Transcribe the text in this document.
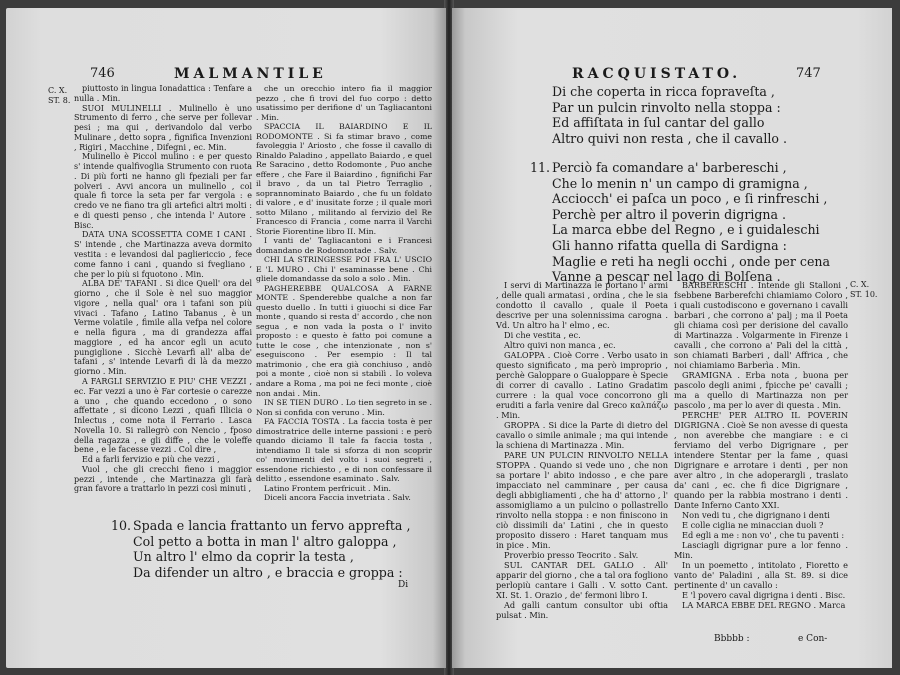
746	MALMANTILE
C. X. ST. 8.

piuttosto in lingua Ionadattica : Tenfare a nulla . Min.

SUOI MULINELLI . Mulinello è uno Strumento di ferro , che serve per follevar pesi ; ma qui , derivandolo dal verbo Mulinare , detto sopra , fignifica Invenzioni , Rigiri , Macchine , Difegni , ec. Min.

Mulinello è Piccol mulino : e per questo s' intende qualfivoglia Strumento con ruota . Di più forti ne hanno gli fpeziali per far polveri . Avvi ancora un mulinello , col quale fi torce la seta per far vergola : e credo ve ne fiano tra gli artefici altri molti : e di questi penso , che intenda l' Autore . Bisc.

DATA UNA SCOSSETTA COME I CANI . S' intende , che Martinazza aveva dormito vestita : e levandosi dal pagliericcio , fece come fanno i cani , quando si fvegliano , che per lo più si fquotono . Min.

ALBA DE' TAFANI . Si dice Quell' ora del giorno , che il Sole è nel suo maggior vigore , nella qual' ora i tafani son più vivaci . Tafano , Latino Tabanus , è un Verme volatile , fimile alla vefpa nel colore e nella figura , ma di grandezza affai maggiore , ed ha ancor egli un acuto pungiglione . Sicchè Levarfi all' alba de' tafani , s' intende Levarfi di là da mezzo giorno . Min.

A FARGLI SERVIZIO E PIU' CHE VEZZI , ec. Far vezzi a uno è Far cortesie o carezze a uno , che quando eccedono , o sono affettate , si dicono Lezzi , quafi Illicia o Inlectus , come nota il Ferrario . Lasca Novella 10. Si rallegrò con Nencio , fposo della ragazza , e gli diffe , che le voleffe bene , e le facesse vezzi . Col dire ,

Ed a farli fervizio e più che vezzi ,

Vuol , che gli crecchi fieno i maggior pezzi , intende , che Martinazza gli farà gran favore a trattarlo in pezzi così minuti ,

che un orecchio intero fia il maggior pezzo , che fi trovi del fuo corpo : detto usatissimo per derifione d' un Tagliacantoni . Min.

SPACCIA IL BAIARDINO E IL RODOMONTE . Si fa stimar bravo , come favoleggia l' Ariosto , che fosse il cavallo di Rinaldo Paladino , appellato Baiardo , e quel Re Saracino , detto Rodomonte , Puo anche effere , che Fare il Baiardino , fignifichi Far il bravo , da un tal Pietro Terraglio , soprannominato Baiardo , che fu un foldato di valore , e d' inusitate forze ; il quale morì sotto Milano , militando al fervizio del Re Francesco di Francia , come narra il Varchi Storie Fiorentine libro II. Min.

I vanti de' Tagliacantoni e i Francesi domandano de Rodomontade . Salv.

CHI LA STRINGESSE POI FRA L' USCIO E 'L MURO . Chi l' esaminasse bene . Chi gliele domandasse da solo a solo . Min.

PAGHEREBBE QUALCOSA A FARNE MONTE . Spenderebbe qualche a non far questo duello . In tutti i giuochi si dice Far monte , quando si resta d' accordo , che non segua , e non vada la posta o l' invito proposto : e questo è fatto poi comune a tutte le cose , che intenzionate , non s' eseguiscono . Per esempio : Il tal matrimonio , che era già conchiuso , andò poi a monte , cioè non si stabilì . Io voleva andare a Roma , ma poi ne feci monte , cioè non andai . Min.

IN SE TIEN DURO . Lo tien segreto in se . Non si confida con veruno . Min.

FA FACCIA TOSTA . La faccia tosta è per dimostratrice delle interne passioni : e però quando diciamo Il tale fa faccia tosta , intendiamo Il tale si sforza di non scoprir co' movimenti del volto i suoi segreti , essendone richiesto , e di non confessare il delitto , essendone esaminato . Salv.

Latino Frontem perfricuit . Min.

Diceli ancora Faccia invetriata . Salv.

10. Spada e lancia frattanto un fervo apprefta ,
Col petto a botta in man l' altro galoppa ,
Un altro l' elmo da coprir la testa ,
Da difender un altro , e braccia e groppa :
Di
RACQUISTATO.	747
Di che coperta in ricca fopraveſta ,
Par un pulcin rinvolto nella stoppa :
Ed affiſtata in ſul cantar del gallo
Altro quivi non resta , che il cavallo .
11. Perciò fa comandare a' barbereschi ,
Che lo menin n' un campo di gramigna ,
Acciocch' ei paſca un poco , e ſi rinfreschi ,
Perchè per altro il poverin digrigna .
La marca ebbe del Regno , e i guidaleschi
Gli hanno rifatta quella di Sardigna :
Maglie e reti ha negli occhi , onde per cena
Vanne a pescar nel lago di Bolſena .

I servi di Martinazza le portano l' armi , delle quali armatasi , ordina , che le sia condotto il cavallo , quale il Poeta descrive per una solennissima carogna . Vd. Un altro ha l' elmo , ec.

Di che vestita , ec.

Altro quivi non manca , ec.

GALOPPA . Cioè Corre . Verbo usato in questo significato , ma però improprio , perchè Galoppare o Gualoppare è Specie di correr di cavallo . Latino Gradatim currere : la qual voce concorrono gli eruditi a farla venire dal Greco καλπάζω . Min.

GROPPA . Si dice la Parte di dietro del cavallo o simile animale ; ma qui intende la schiena di Martinazza . Min.

PARE UN PULCIN RINVOLTO NELLA STOPPA . Quando si vede uno , che non sa portare l' abito indosso , e che pare impacciato nel camminare , per causa degli abbigliamenti , che ha d' attorno , l' assomigliamo a un pulcino o pollastrello rinvolto nella stoppa : e non finiscono in ciò dissimili da' Latini , che in questo proposito dissero : Haret tanquam mus in pice . Min.

Proverbio presso Teocrito . Salv.

SUL CANTAR DEL GALLO . All' apparir del giorno , che a tal ora fogliono perlopiù cantare i Galli . V. sotto Cant. XI. St. 1. Orazio , de' fermoni libro I.

Ad galli cantum consultor ubi oftia pulsat . Min.

BARBERESCHI . Intende gli Stalloni , fsebbene Barberefchi chiamiamo Coloro , i quali custodiscono e governano i cavalli barbari , che corrono a' palj ; ma il Poeta gli chiama così per derisione del cavallo di Martinazza . Volgarmente in Firenze i cavalli , che corrono a' Pali del la città , son chiamati Barberi , dall' Affrica , che noi chiamiamo Barberìa . Min.

GRAMIGNA . Erba nota , buona per pascolo degli animi , fpicche pe' cavalli ; ma a quello di Martinazza non per pascolo , ma per lo aver di questa . Min.

PERCHE' PER ALTRO IL POVERIN DIGRIGNA . Cioè Se non avesse di questa , non averebbe che mangiare : e ci ferviamo del verbo Digrignare , per intendere Stentar per la fame , quasi Digrignare e arrotare i denti , per non aver altro , in che adoperargli , traslato da' cani , ec. che fi dice Digrignare , quando per la rabbia mostrano i denti . Dante Inferno Canto XXI.

Non vedi tu , che digrignano i denti

E colle ciglia ne minaccian duoli ?

Ed egli a me : non vo' , che tu paventi :

Lasciagli digrignar pure a lor fenno . Min.

In un poemetto , intitolato , Fioretto e vanto de' Paladini , alla St. 89. si dice pertinente d' un cavallo :

E 'l povero caval digrigna i denti . Bisc.

LA MARCA EBBE DEL REGNO . Marca

C. X. ST. 10.
Bbbbb :	e Con-
